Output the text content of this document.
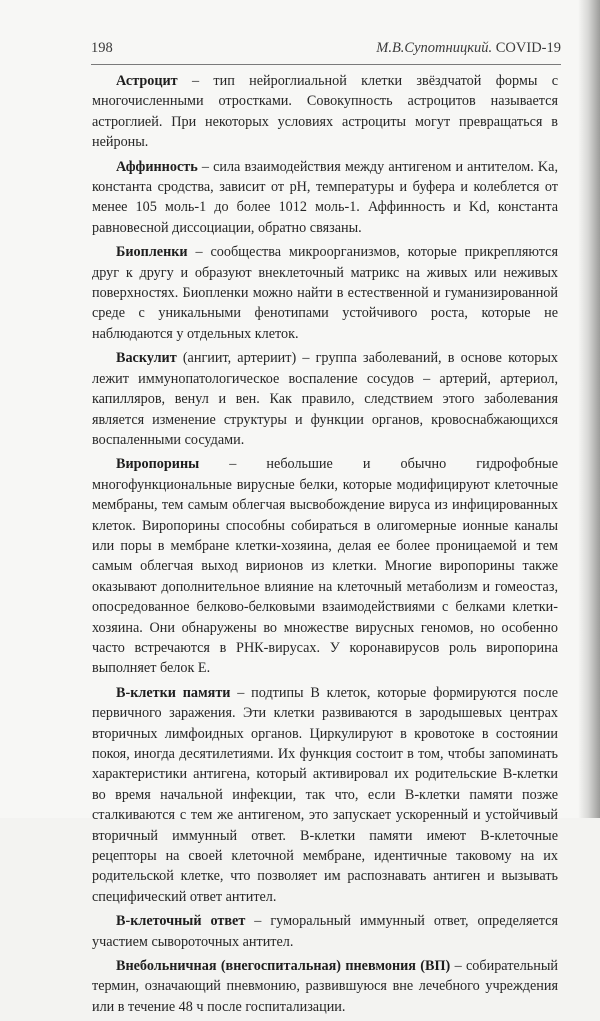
198	М.В.Супотницкий. COVID-19

Астроцит – тип нейроглиальной клетки звёздчатой формы с многочисленными отростками. Совокупность астроцитов называется астроглией. При некоторых условиях астроциты могут превращаться в нейроны.

Аффинность – сила взаимодействия между антигеном и антителом. Ka, константа сродства, зависит от pH, температуры и буфера и колеблется от менее 105 моль-1 до более 1012 моль-1. Аффинность и Kd, константа равновесной диссоциации, обратно связаны.

Биопленки – сообщества микроорганизмов, которые прикрепляются друг к другу и образуют внеклеточный матрикс на живых или неживых поверхностях. Биопленки можно найти в естественной и гуманизированной среде с уникальными фенотипами устойчивого роста, которые не наблюдаются у отдельных клеток.

Васкулит (ангиит, артериит) – группа заболеваний, в основе которых лежит иммунопатологическое воспаление сосудов – артерий, артериол, капилляров, венул и вен. Как правило, следствием этого заболевания является изменение структуры и функции органов, кровоснабжающихся воспаленными сосудами.

Виропорины – небольшие и обычно гидрофобные многофункциональные вирусные белки, которые модифицируют клеточные мембраны, тем самым облегчая высвобождение вируса из инфицированных клеток. Виропорины способны собираться в олигомерные ионные каналы или поры в мембране клетки-хозяина, делая ее более проницаемой и тем самым облегчая выход вирионов из клетки. Многие виропорины также оказывают дополнительное влияние на клеточный метаболизм и гомеостаз, опосредованное белково-белковыми взаимодействиями с белками клетки-хозяина. Они обнаружены во множестве вирусных геномов, но особенно часто встречаются в РНК-вирусах. У коронавирусов роль виропорина выполняет белок E.

В-клетки памяти – подтипы В клеток, которые формируются после первичного заражения. Эти клетки развиваются в зародышевых центрах вторичных лимфоидных органов. Циркулируют в кровотоке в состоянии покоя, иногда десятилетиями. Их функция состоит в том, чтобы запоминать характеристики антигена, который активировал их родительские В-клетки во время начальной инфекции, так что, если В-клетки памяти позже сталкиваются с тем же антигеном, это запускает ускоренный и устойчивый вторичный иммунный ответ. В-клетки памяти имеют В-клеточные рецепторы на своей клеточной мембране, идентичные таковому на их родительской клетке, что позволяет им распознавать антиген и вызывать специфический ответ антител.

В-клеточный ответ – гуморальный иммунный ответ, определяется участием сывороточных антител.

Внебольничная (внегоспитальная) пневмония (ВП) – собирательный термин, означающий пневмонию, развившуюся вне лечебного учреждения или в течение 48 ч после госпитализации.
